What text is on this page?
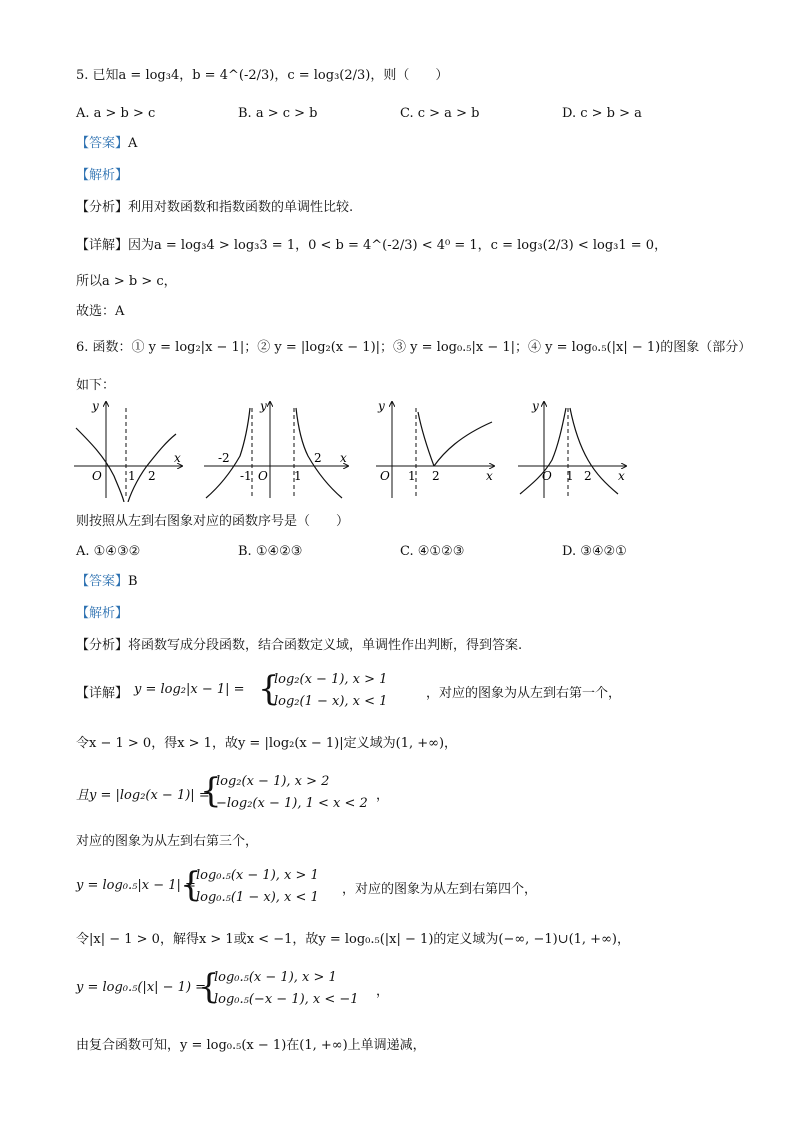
5. 已知a = log₃4，b = 4^(-2/3)，c = log₃(2/3)，则（　　）
A. a > b > c	B. a > c > b	C. c > a > b	D. c > b > a
【答案】A
【解析】
【分析】利用对数函数和指数函数的单调性比较.
【详解】因为a = log₃4 > log₃3 = 1，0 < b = 4^(-2/3) < 4⁰ = 1，c = log₃(2/3) < log₃1 = 0，
所以a > b > c，
故选：A
6. 函数：① y = log₂|x − 1|；② y = |log₂(x − 1)|；③ y = log₀.₅|x − 1|；④ y = log₀.₅(|x| − 1)的图象（部分）
如下：
y
x
O 1 2
y
x
O
-2
-1	1
2
y
x
O 1 2
y
x
O 1 2
则按照从左到右图象对应的函数序号是（　　）
A. ①④③②	B. ①④②③	C. ④①②③	D. ③④②①
【答案】B
【解析】
【分析】将函数写成分段函数，结合函数定义域，单调性作出判断，得到答案.
【详解】 y = log₂|x − 1| = {
log₂(x − 1), x > 1
log₂(1 − x), x < 1
，对应的图象为从左到右第一个，
令x − 1 > 0，得x > 1，故y = |log₂(x − 1)|定义域为(1, +∞)，
且y = |log₂(x − 1)| =
{
log₂(x − 1), x > 2
−log₂(x − 1), 1 < x < 2
，
对应的图象为从左到右第三个，
y = log₀.₅|x − 1| =
{
log₀.₅(x − 1), x > 1
log₀.₅(1 − x), x < 1
，对应的图象为从左到右第四个，
令|x| − 1 > 0，解得x > 1或x < −1，故y = log₀.₅(|x| − 1)的定义域为(−∞, −1)∪(1, +∞)，
y = log₀.₅(|x| − 1) =
{
log₀.₅(x − 1), x > 1
log₀.₅(−x − 1), x < −1
，
由复合函数可知，y = log₀.₅(x − 1)在(1, +∞)上单调递减，
